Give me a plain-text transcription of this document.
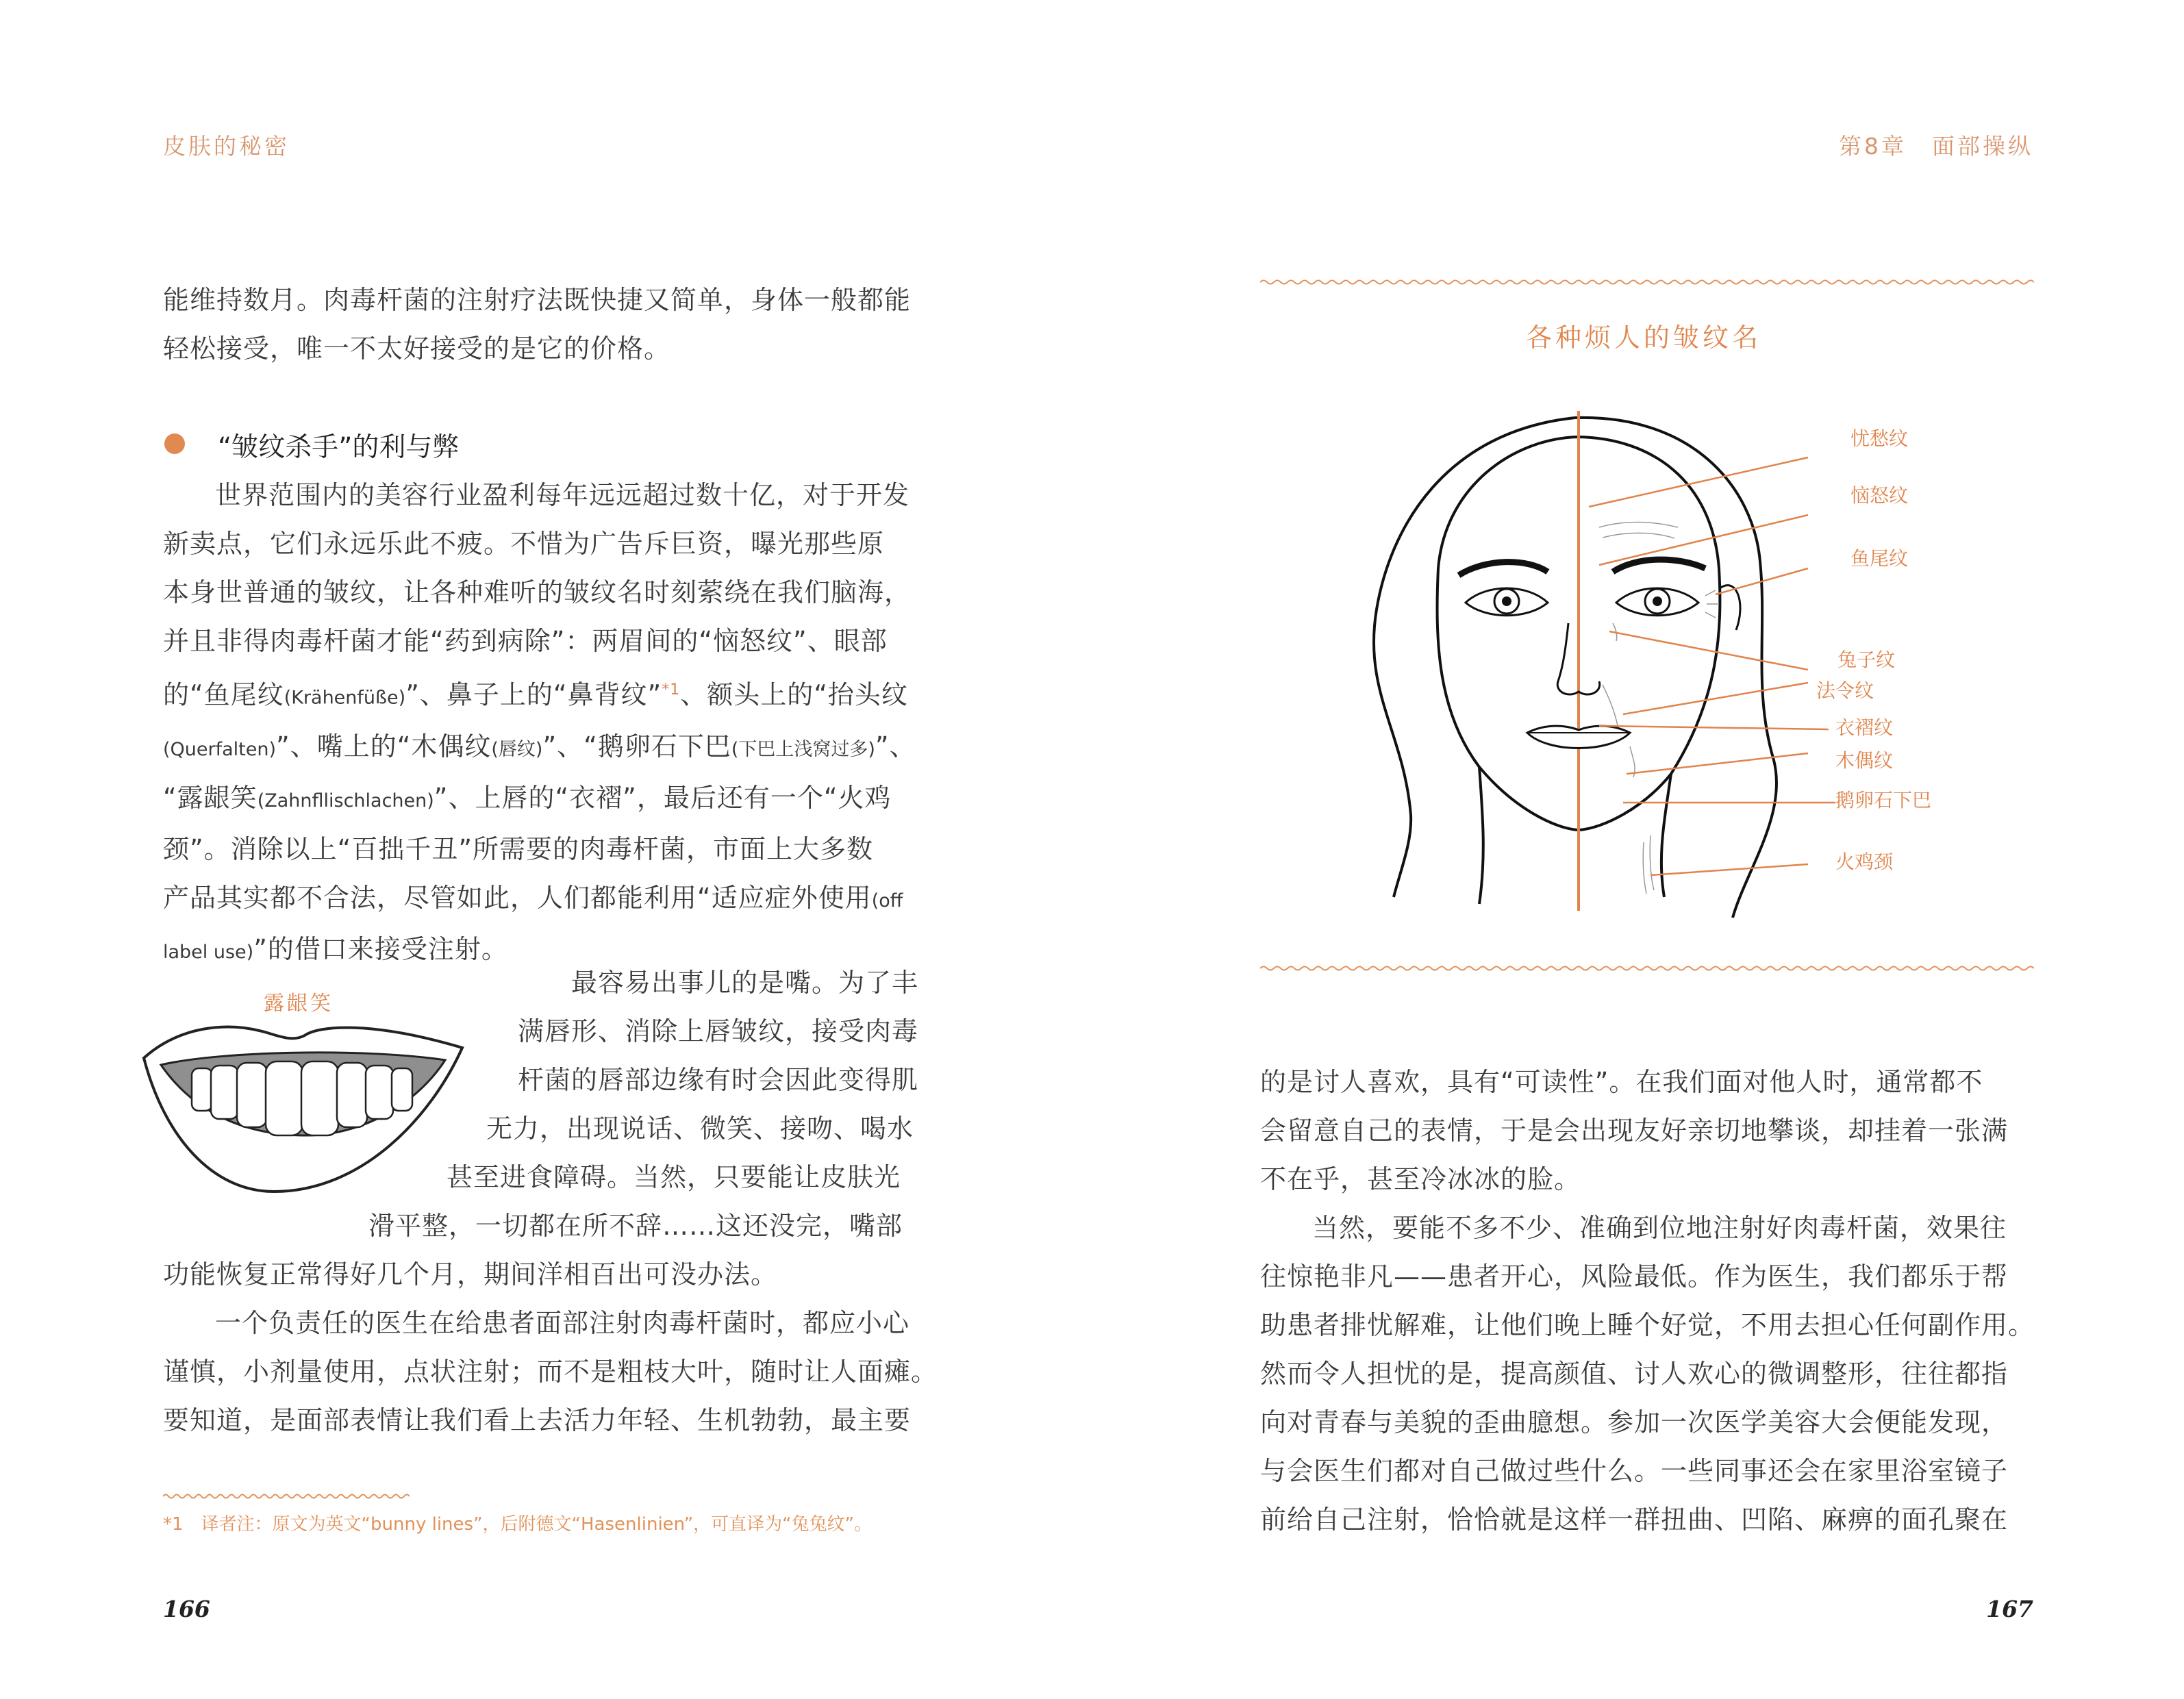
皮肤的秘密

能维持数月。肉毒杆菌的注射疗法既快捷又简单，身体一般都能

轻松接受，唯一不太好接受的是它的价格。

“皱纹杀手”的利与弊

世界范围内的美容行业盈利每年远远超过数十亿，对于开发

新卖点，它们永远乐此不疲。不惜为广告斥巨资，曝光那些原

本身世普通的皱纹，让各种难听的皱纹名时刻萦绕在我们脑海，

并且非得肉毒杆菌才能“药到病除”：两眉间的“恼怒纹”、眼部

的“鱼尾纹(Krähenfüße)”、鼻子上的“鼻背纹”$^{*1}$、额头上的“抬头纹

(Querfalten)”、嘴上的“木偶纹(唇纹)”、“鹅卵石下巴(下巴上浅窝过多)”、

“露龈笑(Zahnfllischlachen)”、上唇的“衣褶”，最后还有一个“火鸡

颈”。消除以上“百拙千丑”所需要的肉毒杆菌，市面上大多数

产品其实都不合法，尽管如此，人们都能利用“适应症外使用(off

label use)”的借口来接受注射。

露龈笑

最容易出事儿的是嘴。为了丰

满唇形、消除上唇皱纹，接受肉毒

杆菌的唇部边缘有时会因此变得肌

无力，出现说话、微笑、接吻、喝水

甚至进食障碍。当然，只要能让皮肤光

滑平整，一切都在所不辞……这还没完，嘴部

功能恢复正常得好几个月，期间洋相百出可没办法。

一个负责任的医生在给患者面部注射肉毒杆菌时，都应小心

谨慎，小剂量使用，点状注射；而不是粗枝大叶，随时让人面瘫。

要知道，是面部表情让我们看上去活力年轻、生机勃勃，最主要

*1　译者注：原文为英文“bunny lines”，后附德文“Hasenlinien”，可直译为“兔兔纹”。
166
第8章　面部操纵
各种烦人的皱纹名
忧愁纹
恼怒纹
鱼尾纹
兔子纹
法令纹
衣褶纹
木偶纹
鹅卵石下巴
火鸡颈

的是讨人喜欢，具有“可读性”。在我们面对他人时，通常都不

会留意自己的表情，于是会出现友好亲切地攀谈，却挂着一张满

不在乎，甚至冷冰冰的脸。

当然，要能不多不少、准确到位地注射好肉毒杆菌，效果往

往惊艳非凡——患者开心，风险最低。作为医生，我们都乐于帮

助患者排忧解难，让他们晚上睡个好觉，不用去担心任何副作用。

然而令人担忧的是，提高颜值、讨人欢心的微调整形，往往都指

向对青春与美貌的歪曲臆想。参加一次医学美容大会便能发现，

与会医生们都对自己做过些什么。一些同事还会在家里浴室镜子

前给自己注射，恰恰就是这样一群扭曲、凹陷、麻痹的面孔聚在

167
